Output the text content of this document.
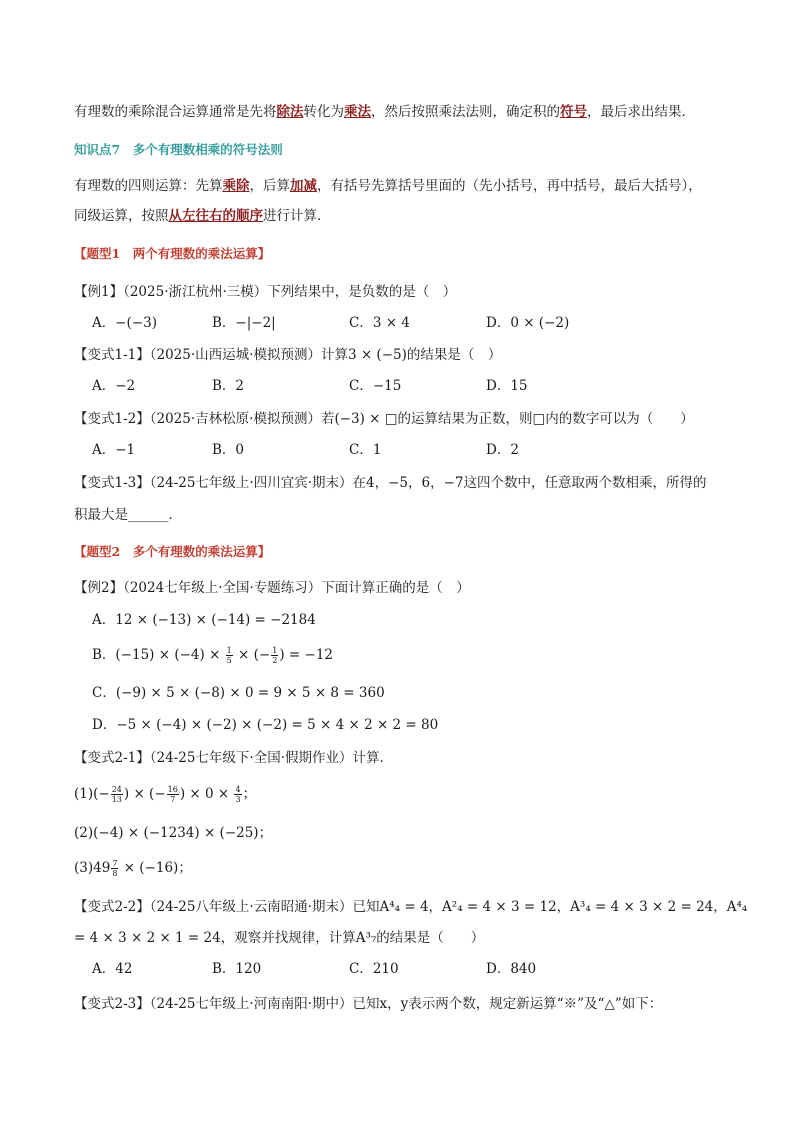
有理数的乘除混合运算通常是先将除法转化为乘法，然后按照乘法法则，确定积的符号，最后求出结果．
知识点7　多个有理数相乘的符号法则
有理数的四则运算：先算乘除，后算加减，有括号先算括号里面的（先小括号，再中括号，最后大括号），
同级运算，按照从左往右的顺序进行计算．
【题型1　两个有理数的乘法运算】
【例1】（2025·浙江杭州·三模）下列结果中，是负数的是（　）
A．−(−3)	B．−|−2|	C．3 × 4	D．0 × (−2)
【变式1-1】（2025·山西运城·模拟预测）计算3 × (−5)的结果是（　）
A．−2	B．2	C．−15	D．15
【变式1-2】（2025·吉林松原·模拟预测）若(−3) × □的运算结果为正数，则□内的数字可以为（　　）
A．−1	B．0	C．1	D．2
【变式1-3】（24-25七年级上·四川宜宾·期末）在4，−5，6，−7这四个数中，任意取两个数相乘，所得的
积最大是______．
【题型2　多个有理数的乘法运算】
【例2】（2024七年级上·全国·专题练习）下面计算正确的是（　）
A．12 × (−13) × (−14) = −2184
B．$(-15) \times (-4) \times \frac{1}{5}$ × (− $\frac{1}{2}$ ) = −12
C．(−9) × 5 × (−8) × 0 = 9 × 5 × 8 = 360
D．−5 × (−4) × (−2) × (−2) = 5 × 4 × 2 × 2 = 80
【变式2-1】（24-25七年级下·全国·假期作业）计算．
$(1)(- \frac{24}{13}$ ) × (− $\frac{16}{7}$ ) × $0 \times \frac{4}{3}$ ；
(2)(−4) × (−1234) × (−25)；
$(3)49 \frac{7}{8} \times (-16)$；
【变式2-2】（24-25八年级上·云南昭通·期末）已知A⁴₄ = 4，A²₄ = 4 × 3 = 12，A³₄ = 4 × 3 × 2 = 24，A⁴₄
= 4 × 3 × 2 × 1 = 24，观察并找规律，计算A³₇的结果是（　　）
A．42	B．120	C．210	D．840
【变式2-3】（24-25七年级上·河南南阳·期中）已知x，y表示两个数，规定新运算“※”及“△”如下：
